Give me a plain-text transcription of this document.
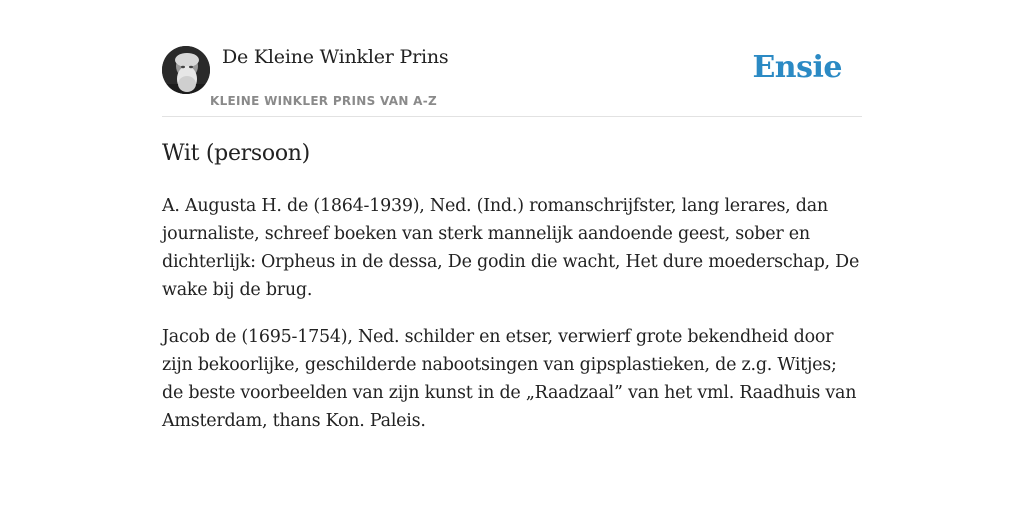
De Kleine Winkler Prins
KLEINE WINKLER PRINS VAN A-Z
Ensie
Wit (persoon)

A. Augusta H. de (1864-1939), Ned. (Ind.) romanschrijfster, lang lerares, dan journaliste, schreef boeken van sterk mannelijk aandoende geest, sober en dichterlijk: Orpheus in de dessa, De godin die wacht, Het dure moederschap, De wake bij de brug.

Jacob de (1695-1754), Ned. schilder en etser, verwierf grote bekendheid door zijn bekoorlijke, geschilderde nabootsingen van gipsplastieken, de z.g. Witjes; de beste voorbeelden van zijn kunst in de „Raadzaal” van het vml. Raadhuis van Amsterdam, thans Kon. Paleis.
